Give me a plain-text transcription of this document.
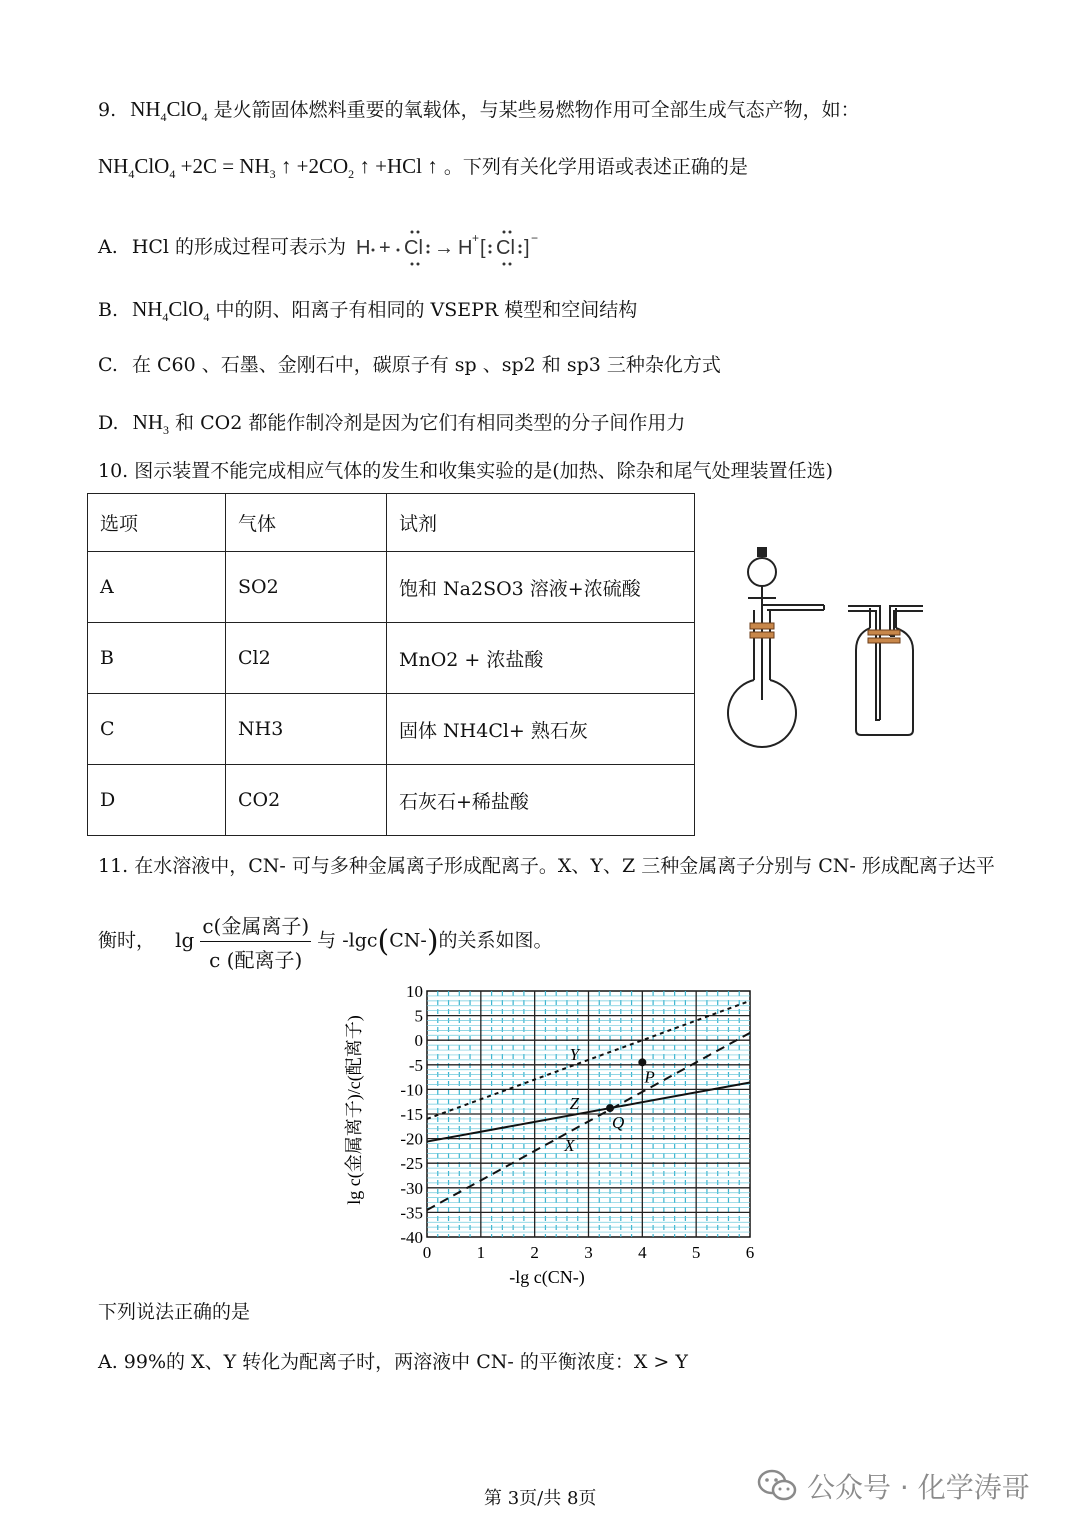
9. $NH_4ClO_4$ 是火箭固体燃料重要的氧载体，与某些易燃物作用可全部生成气态产物，如：
$NH_4ClO_4 +2C = NH_3$ ↑ $+2CO_2$ ↑ +HCl ↑ 。下列有关化学用语或表述正确的是
A. HCl 的形成过程可表示为 H + Cl → H + [ Cl ] −
B. $NH_4ClO_4$ 中的阴、阳离子有相同的 VSEPR 模型和空间结构
C. 在 C60 、石墨、金刚石中，碳原子有 sp 、sp2 和 sp3 三种杂化方式
D. $NH_3$ 和 CO2 都能作制冷剂是因为它们有相同类型的分子间作用力
10. 图示装置不能完成相应气体的发生和收集实验的是(加热、除杂和尾气处理装置任选)
选项	气体	试剂
A	SO2	饱和 Na2SO3 溶液+浓硫酸
B	Cl2	MnO2 + 浓盐酸
C	NH3	固体 NH4Cl+ 熟石灰
D	CO2	石灰石+稀盐酸
11. 在水溶液中，CN- 可与多种金属离子形成配离子。X、Y、Z 三种金属离子分别与 CN- 形成配离子达平
衡时， $\lg \frac{\text{c(金属离子)}}{\text{c (配离子)}}$ 与 -lgc(CN-)的关系如图。
X
Y
Z
0	1	2	3	4	5	6
10
5
0
-5
-10
-15
-20
-25
-30
-35
-40
P
Q
-lg c(CN-)
lg c(金属离子)/c(配离子)
下列说法正确的是
A. 99%的 X、Y 转化为配离子时，两溶液中 CN- 的平衡浓度：X > Y
第 3页/共 8页	公众号 · 化学涛哥
